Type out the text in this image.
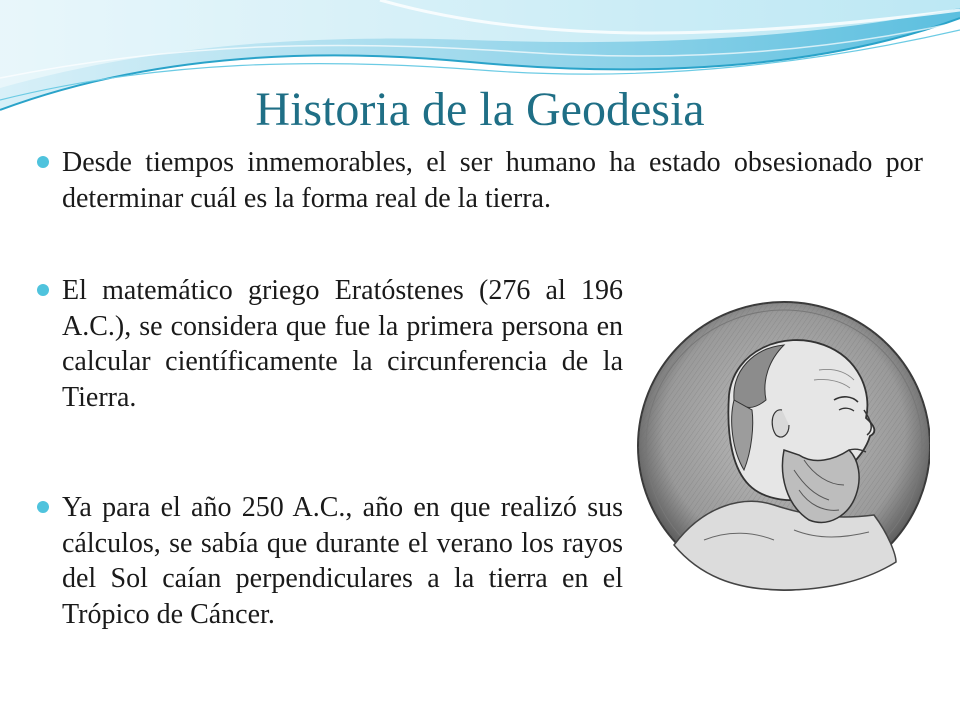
Historia de la Geodesia
Desde tiempos inmemorables, el ser humano ha estado obsesionado por determinar cuál es la forma real de la tierra.
El matemático griego Eratóstenes (276 al 196 A.C.), se considera que fue la primera persona en calcular científicamente la circunferencia de la Tierra.
Ya para el año 250 A.C., año en que realizó sus cálculos, se sabía que durante el verano los rayos del Sol caían perpendiculares a la tierra en el Trópico de Cáncer.
